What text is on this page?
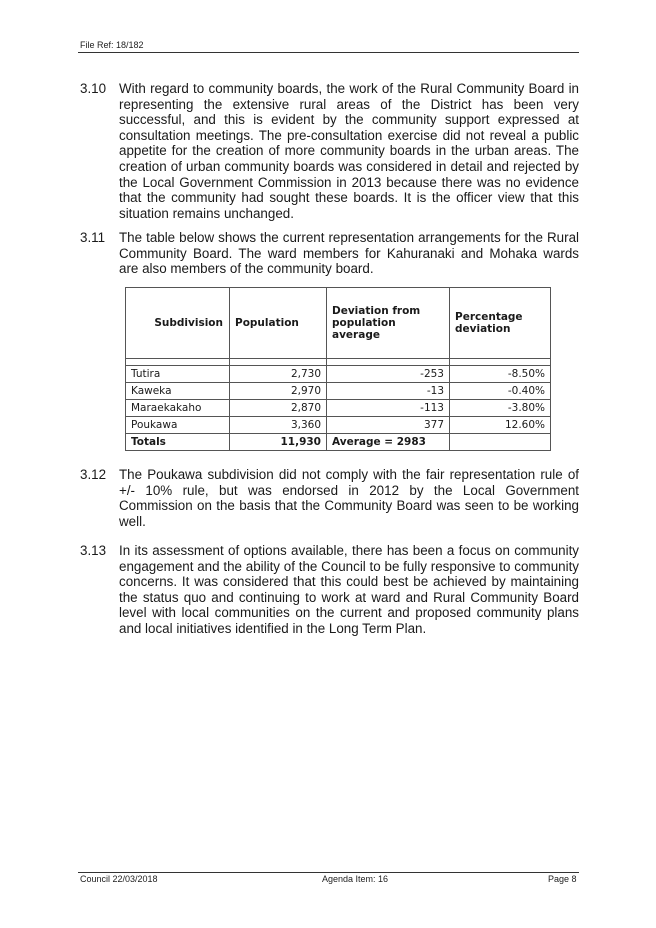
File Ref: 18/182
3.10 With regard to community boards, the work of the Rural Community Board in representing the extensive rural areas of the District has been very successful, and this is evident by the community support expressed at consultation meetings. The pre-consultation exercise did not reveal a public appetite for the creation of more community boards in the urban areas. The creation of urban community boards was considered in detail and rejected by the Local Government Commission in 2013 because there was no evidence that the community had sought these boards. It is the officer view that this situation remains unchanged.
3.11	The table below shows the current representation arrangements for the Rural Community Board. The ward members for Kahuranaki and Mohaka wards are also members of the community board.
Subdivision	Population	Deviation from population average	Percentage deviation

Tutira	2,730	-253	-8.50%
Kaweka	2,970	-13	-0.40%
Maraekakaho	2,870	-113	-3.80%
Poukawa	3,360	377	12.60%
Totals	11,930	Average = 2983	
3.12 The Poukawa subdivision did not comply with the fair representation rule of +/- 10% rule, but was endorsed in 2012 by the Local Government Commission on the basis that the Community Board was seen to be working well.
3.13 In its assessment of options available, there has been a focus on community engagement and the ability of the Council to be fully responsive to community concerns. It was considered that this could best be achieved by maintaining the status quo and continuing to work at ward and Rural Community Board level with local communities on the current and proposed community plans and local initiatives identified in the Long Term Plan.
Council 22/03/2018	Agenda Item: 16	Page 8
